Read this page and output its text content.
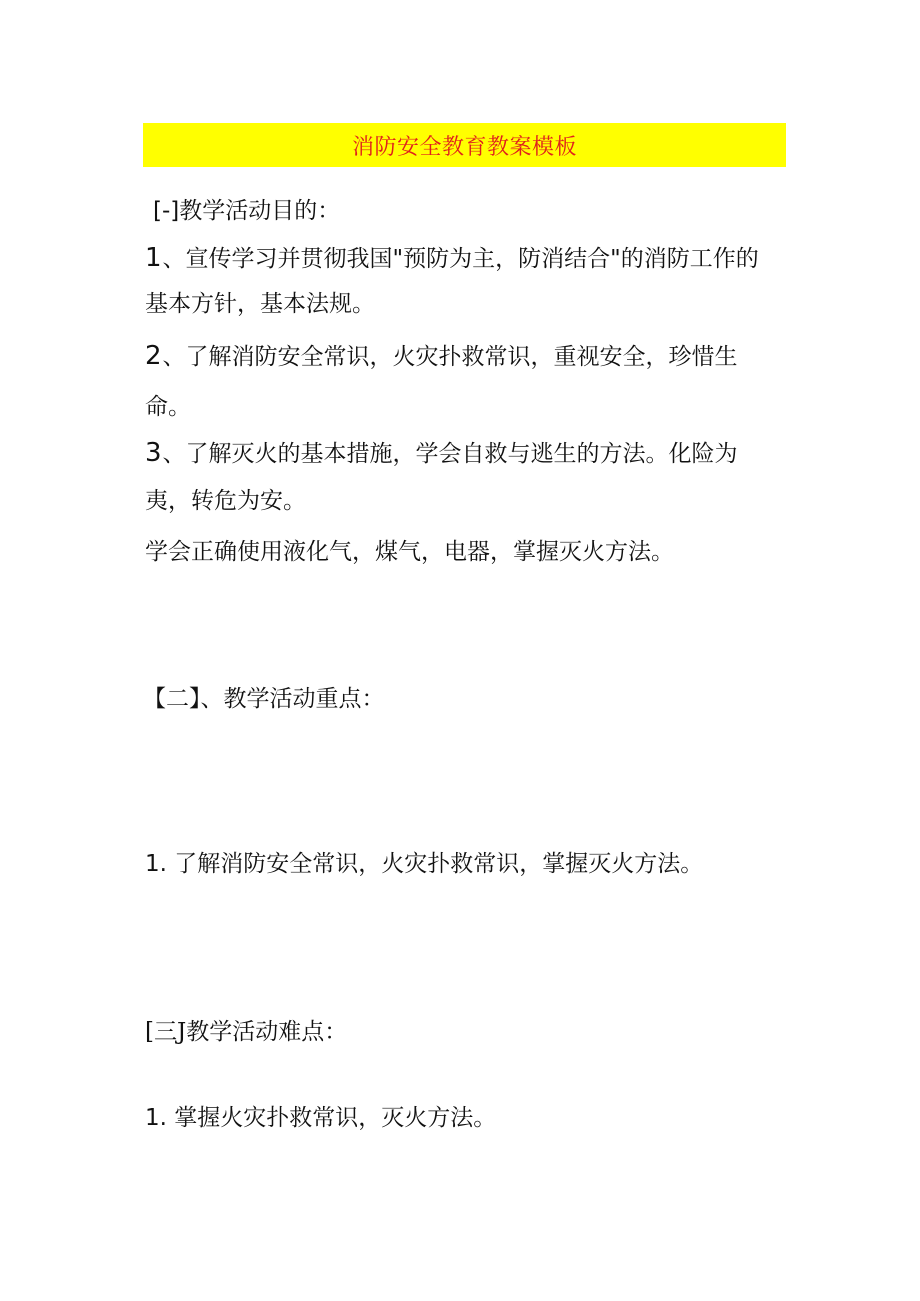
消防安全教育教案模板
[-]教学活动目的：
1、宣传学习并贯彻我国"预防为主，防消结合"的消防工作的
基本方针，基本法规。
2、了解消防安全常识，火灾扑救常识，重视安全，珍惜生
命。
3、了解灭火的基本措施，学会自救与逃生的方法。化险为
夷，转危为安。
学会正确使用液化气，煤气，电器，掌握灭火方法。
【二】、教学活动重点：
1. 了解消防安全常识，火灾扑救常识，掌握灭火方法。
[三J教学活动难点：
1. 掌握火灾扑救常识，灭火方法。
